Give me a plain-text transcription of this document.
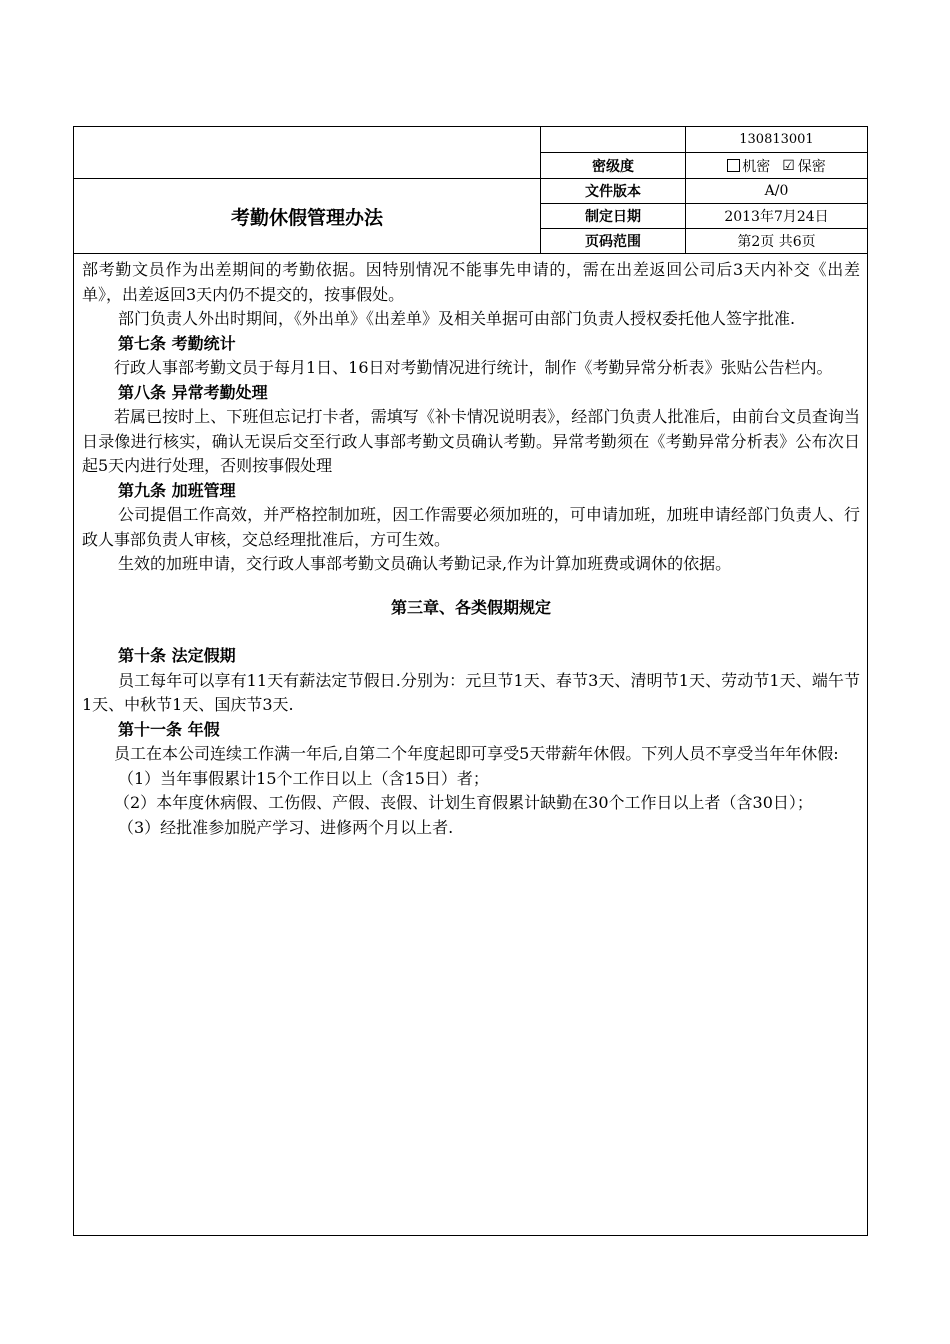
130813001
密级度	机密 ☑ 保密
考勤休假管理办法
文件版本	A/0
制定日期	2013年7月24日
页码范围	第2页 共6页

部考勤文员作为出差期间的考勤依据。因特别情况不能事先申请的，需在出差返回公司后3天内补交《出差单》，出差返回3天内仍不提交的，按事假处。

部门负责人外出时期间，《外出单》《出差单》及相关单据可由部门负责人授权委托他人签字批准.

第七条 考勤统计

行政人事部考勤文员于每月1日、16日对考勤情况进行统计，制作《考勤异常分析表》张贴公告栏内。

第八条 异常考勤处理

若属已按时上、下班但忘记打卡者，需填写《补卡情况说明表》，经部门负责人批准后，由前台文员查询当日录像进行核实，确认无误后交至行政人事部考勤文员确认考勤。异常考勤须在《考勤异常分析表》公布次日起5天内进行处理，否则按事假处理

第九条 加班管理

公司提倡工作高效，并严格控制加班，因工作需要必须加班的，可申请加班，加班申请经部门负责人、行政人事部负责人审核，交总经理批准后，方可生效。

生效的加班申请，交行政人事部考勤文员确认考勤记录,作为计算加班费或调休的依据。

第三章、各类假期规定

第十条 法定假期

员工每年可以享有11天有薪法定节假日.分别为：元旦节1天、春节3天、清明节1天、劳动节1天、端午节1天、中秋节1天、国庆节3天.

第十一条 年假

员工在本公司连续工作满一年后,自第二个年度起即可享受5天带薪年休假。下列人员不享受当年年休假:

（1）当年事假累计15个工作日以上（含15日）者；

（2）本年度休病假、工伤假、产假、丧假、计划生育假累计缺勤在30个工作日以上者（含30日）；

（3）经批准参加脱产学习、进修两个月以上者.
